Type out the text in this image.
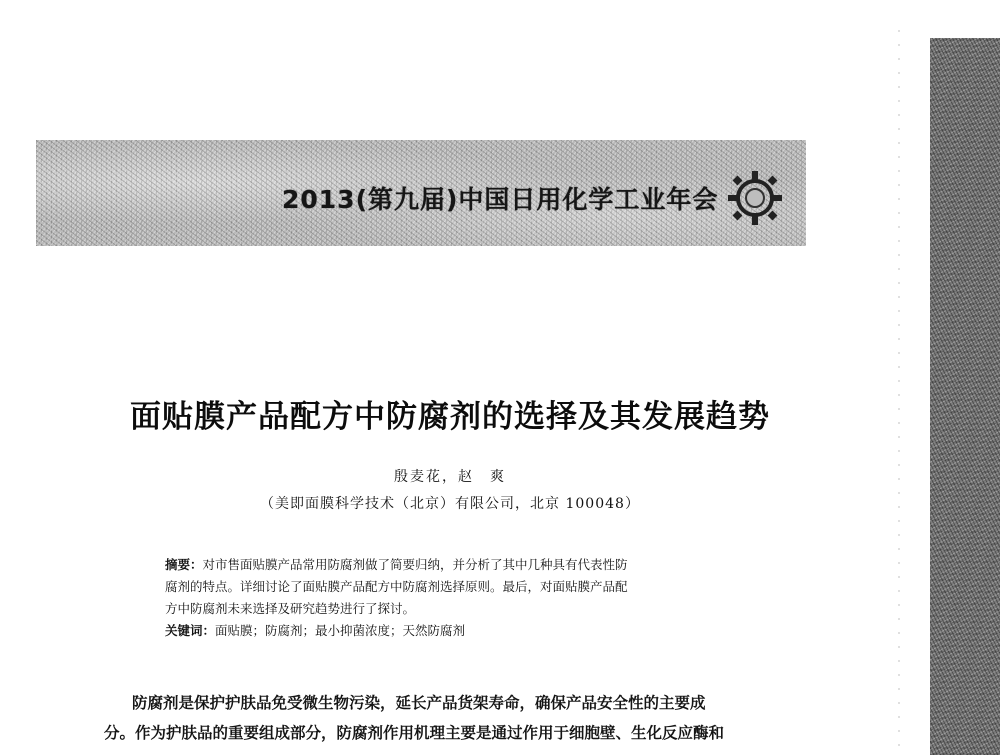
2013(第九届)中国日用化学工业年会
面贴膜产品配方中防腐剂的选择及其发展趋势
殷麦花，赵　爽
（美即面膜科学技术（北京）有限公司，北京 100048）
摘要：对市售面贴膜产品常用防腐剂做了简要归纳，并分析了其中几种具有代表性防
腐剂的特点。详细讨论了面贴膜产品配方中防腐剂选择原则。最后，对面贴膜产品配
方中防腐剂未来选择及研究趋势进行了探讨。
关键词：面贴膜；防腐剂；最小抑菌浓度；天然防腐剂
防腐剂是保护护肤品免受微生物污染，延长产品货架寿命，确保产品安全性的主要成
分。作为护肤品的重要组成部分，防腐剂作用机理主要是通过作用于细胞壁、生化反应酶和
